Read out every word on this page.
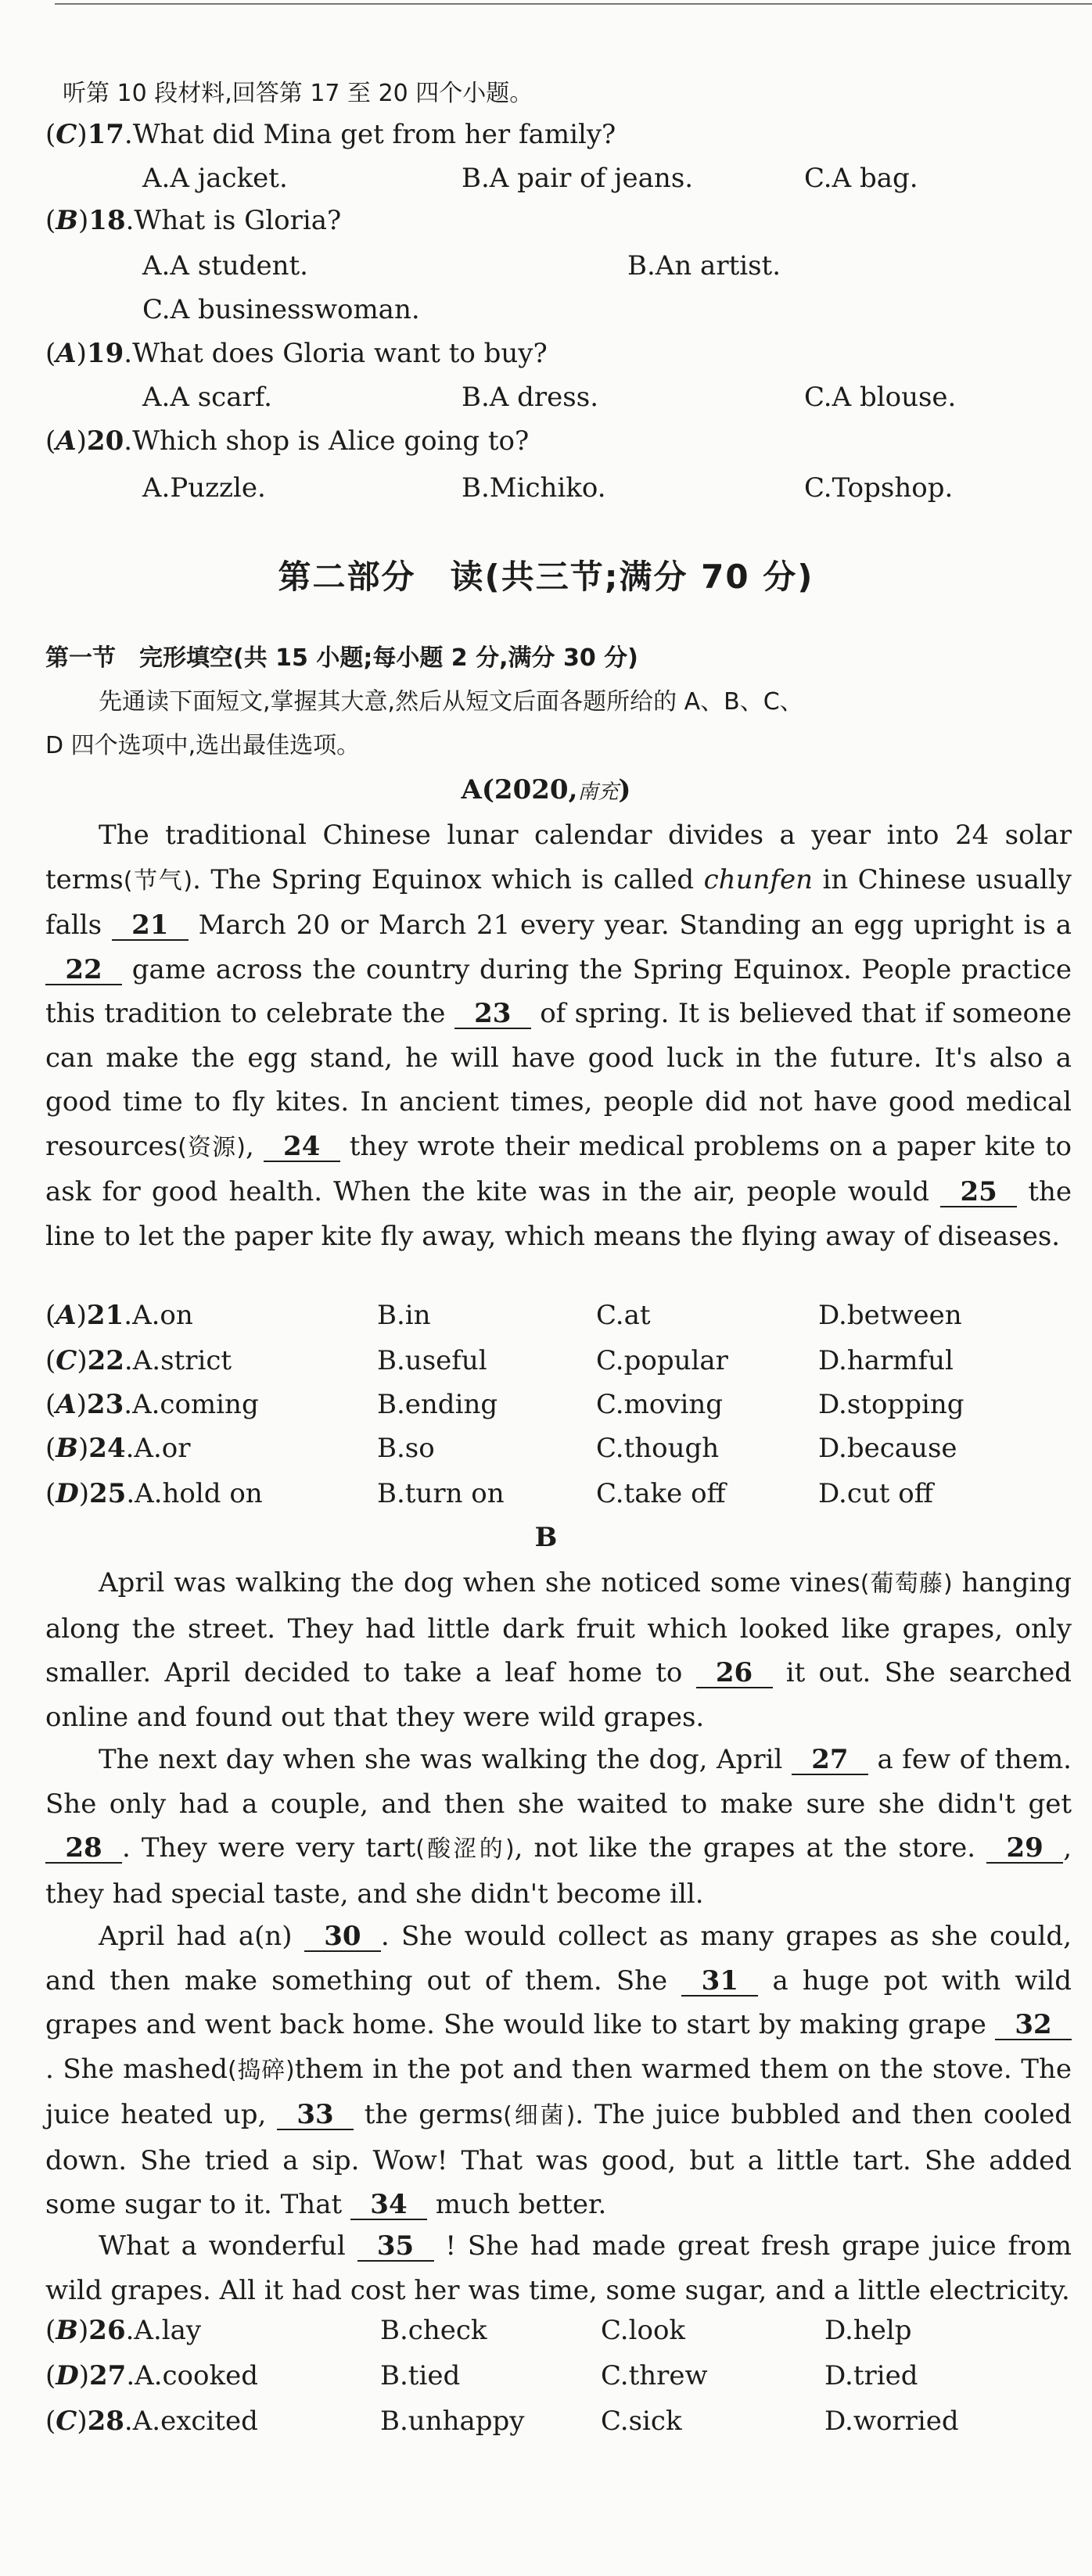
听第 10 段材料,回答第 17 至 20 四个小题。
(C)17.What did Mina get from her family?
A.A jacket.	B.A pair of jeans.	C.A bag.
(B)18.What is Gloria?
A.A student.	B.An artist.
C.A businesswoman.
(A)19.What does Gloria want to buy?
A.A scarf.	B.A dress.	C.A blouse.
(A)20.Which shop is Alice going to?
A.Puzzle.	B.Michiko.	C.Topshop.
第二部分　读(共三节;满分 70 分)
第一节　完形填空(共 15 小题;每小题 2 分,满分 30 分)
先通读下面短文,掌握其大意,然后从短文后面各题所给的 A、B、C、
D 四个选项中,选出最佳选项。
A(2020,南充)
The traditional Chinese lunar calendar divides a year into 24 solar terms(节气). The Spring Equinox which is called chunfen in Chinese usually falls 21 March 20 or March 21 every year. Standing an egg upright is a 22 game across the country during the Spring Equinox. People practice this tradition to celebrate the 23 of spring. It is believed that if someone can make the egg stand, he will have good luck in the future. It's also a good time to fly kites. In ancient times, people did not have good medical resources(资源), 24 they wrote their medical problems on a paper kite to ask for good health. When the kite was in the air, people would 25 the line to let the paper kite fly away, which means the flying away of diseases.
(A)21.A.on	B.in	C.at	D.between
(C)22.A.strict	B.useful	C.popular	D.harmful
(A)23.A.coming	B.ending	C.moving	D.stopping
(B)24.A.or	B.so	C.though	D.because
(D)25.A.hold on	B.turn on	C.take off	D.cut off
B
April was walking the dog when she noticed some vines(葡萄藤) hanging along the street. They had little dark fruit which looked like grapes, only smaller. April decided to take a leaf home to 26 it out. She searched online and found out that they were wild grapes.
The next day when she was walking the dog, April 27 a few of them. She only had a couple, and then she waited to make sure she didn't get 28 . They were very tart(酸涩的), not like the grapes at the store. 29 , they had special taste, and she didn't become ill.
April had a(n) 30 . She would collect as many grapes as she could, and then make something out of them. She 31 a huge pot with wild grapes and went back home. She would like to start by making grape 32. She mashed(捣碎)them in the pot and then warmed them on the stove. The juice heated up, 33 the germs(细菌). The juice bubbled and then cooled down. She tried a sip. Wow! That was good, but a little tart. She added some sugar to it. That 34 much better.
What a wonderful 35 ! She had made great fresh grape juice from wild grapes. All it had cost her was time, some sugar, and a little electricity.
(B)26.A.lay	B.check	C.look	D.help
(D)27.A.cooked	B.tied	C.threw	D.tried
(C)28.A.excited	B.unhappy	C.sick	D.worried
